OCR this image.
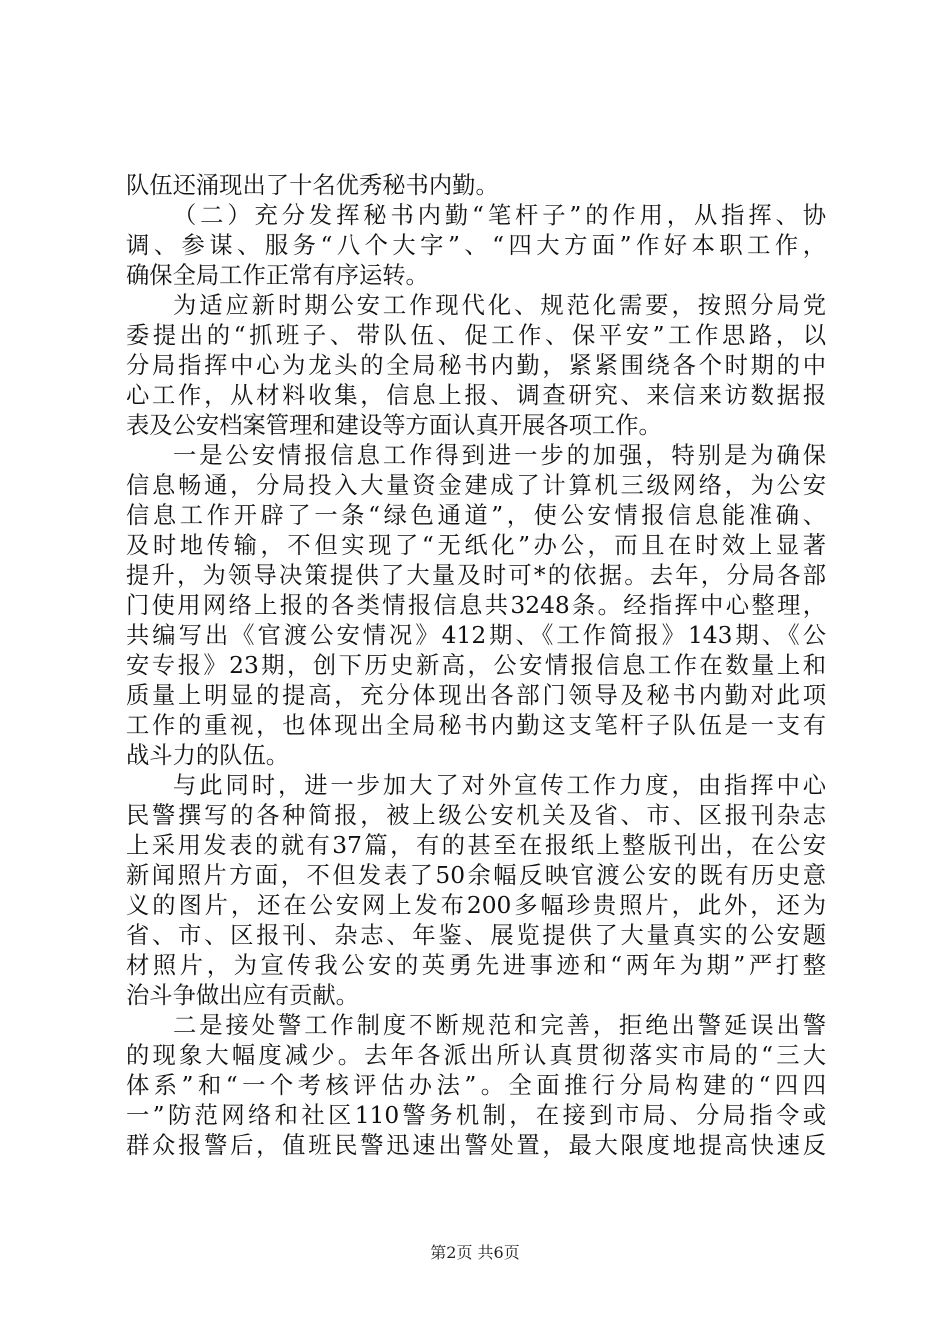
队伍还涌现出了十名优秀秘书内勤。
（二）充分发挥秘书内勤“笔杆子”的作用，从指挥、协
调、参谋、服务“八个大字”、“四大方面”作好本职工作，
确保全局工作正常有序运转。
为适应新时期公安工作现代化、规范化需要，按照分局党
委提出的“抓班子、带队伍、促工作、保平安”工作思路，以
分局指挥中心为龙头的全局秘书内勤，紧紧围绕各个时期的中
心工作，从材料收集，信息上报、调查研究、来信来访数据报
表及公安档案管理和建设等方面认真开展各项工作。
一是公安情报信息工作得到进一步的加强，特别是为确保
信息畅通，分局投入大量资金建成了计算机三级网络，为公安
信息工作开辟了一条“绿色通道”，使公安情报信息能准确、
及时地传输，不但实现了“无纸化”办公，而且在时效上显著
提升，为领导决策提供了大量及时可*的依据。去年，分局各部
门使用网络上报的各类情报信息共3248条。经指挥中心整理，
共编写出《官渡公安情况》412期、《工作简报》143期、《公
安专报》23期，创下历史新高，公安情报信息工作在数量上和
质量上明显的提高，充分体现出各部门领导及秘书内勤对此项
工作的重视，也体现出全局秘书内勤这支笔杆子队伍是一支有
战斗力的队伍。
与此同时，进一步加大了对外宣传工作力度，由指挥中心
民警撰写的各种简报，被上级公安机关及省、市、区报刊杂志
上采用发表的就有37篇，有的甚至在报纸上整版刊出，在公安
新闻照片方面，不但发表了50余幅反映官渡公安的既有历史意
义的图片，还在公安网上发布200多幅珍贵照片，此外，还为
省、市、区报刊、杂志、年鉴、展览提供了大量真实的公安题
材照片，为宣传我公安的英勇先进事迹和“两年为期”严打整
治斗争做出应有贡献。
二是接处警工作制度不断规范和完善，拒绝出警延误出警
的现象大幅度减少。去年各派出所认真贯彻落实市局的“三大
体系”和“一个考核评估办法”。全面推行分局构建的“四四
一”防范网络和社区110警务机制，在接到市局、分局指令或
群众报警后，值班民警迅速出警处置，最大限度地提高快速反
第2页 共6页
